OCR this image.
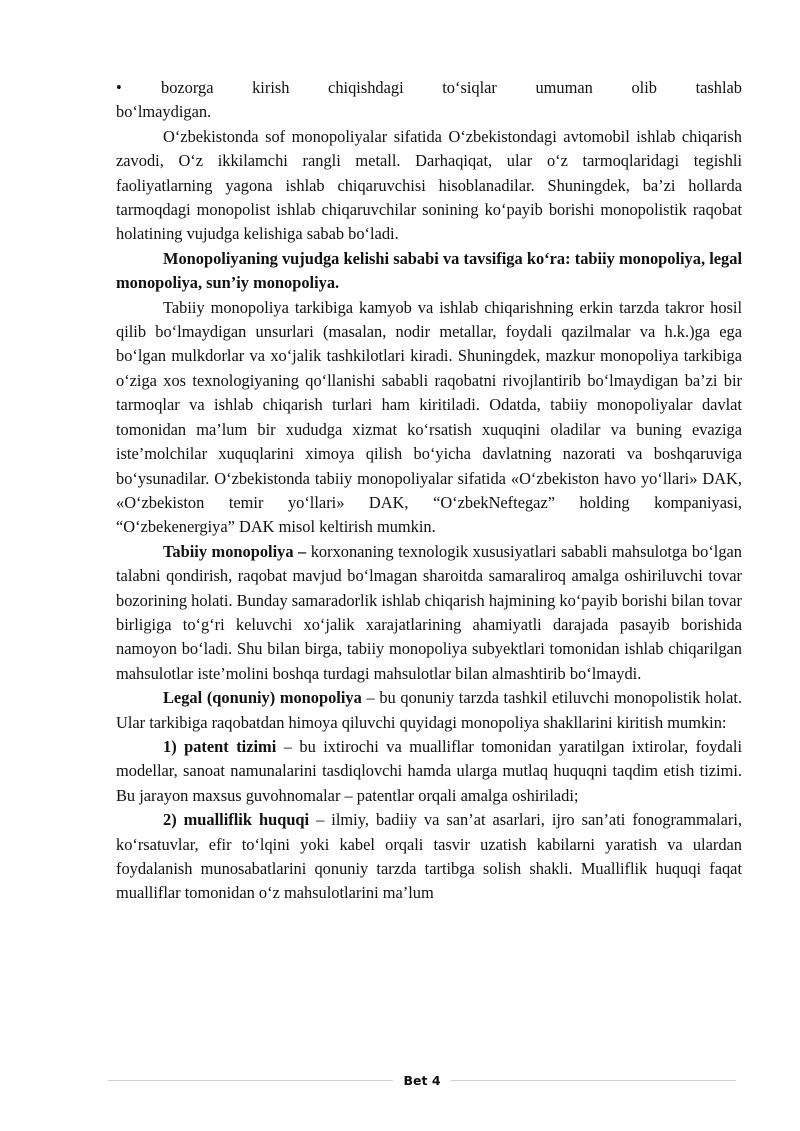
• bozorga kirish chiqishdagi to‘siqlar umuman olib tashlab

bo‘lmaydigan.

O‘zbekistonda sof monopoliyalar sifatida O‘zbekistondagi avtomobil ishlab chiqarish zavodi, O‘z ikkilamchi rangli metall. Darhaqiqat, ular o‘z tarmoqlaridagi tegishli faoliyatlarning yagona ishlab chiqaruvchisi hisoblanadilar. Shuningdek, ba’zi hollarda tarmoqdagi monopolist ishlab chiqaruvchilar sonining ko‘payib borishi monopolistik raqobat holatining vujudga kelishiga sabab bo‘ladi.

Monopoliyaning vujudga kelishi sababi va tavsifiga ko‘ra: tabiiy monopoliya, legal monopoliya, sun’iy monopoliya.

Tabiiy monopoliya tarkibiga kamyob va ishlab chiqarishning erkin tarzda takror hosil qilib bo‘lmaydigan unsurlari (masalan, nodir metallar, foydali qazilmalar va h.k.)ga ega bo‘lgan mulkdorlar va xo‘jalik tashkilotlari kiradi. Shuningdek, mazkur monopoliya tarkibiga o‘ziga xos texnologiyaning qo‘llanishi sababli raqobatni rivojlantirib bo‘lmaydigan ba’zi bir tarmoqlar va ishlab chiqarish turlari ham kiritiladi. Odatda, tabiiy monopoliyalar davlat tomonidan ma’lum bir xududga xizmat ko‘rsatish xuquqini oladilar va buning evaziga iste’molchilar xuquqlarini ximoya qilish bo‘yicha davlatning nazorati va boshqaruviga bo‘ysunadilar. O‘zbekistonda tabiiy monopoliyalar sifatida «O‘zbekiston havo yo‘llari» DAK, «O‘zbekiston temir yo‘llari» DAK, “O‘zbekNeftegaz” holding kompaniyasi, “O‘zbekenergiya” DAK misol keltirish mumkin.

Tabiiy monopoliya – korxonaning texnologik xususiyatlari sababli mahsulotga bo‘lgan talabni qondirish, raqobat mavjud bo‘lmagan sharoitda samaraliroq amalga oshiriluvchi tovar bozorining holati. Bunday samaradorlik ishlab chiqarish hajmining ko‘payib borishi bilan tovar birligiga to‘g‘ri keluvchi xo‘jalik xarajatlarining ahamiyatli darajada pasayib borishida namoyon bo‘ladi. Shu bilan birga, tabiiy monopoliya subyektlari tomonidan ishlab chiqarilgan mahsulotlar iste’molini boshqa turdagi mahsulotlar bilan almashtirib bo‘lmaydi.

Legal (qonuniy) monopoliya – bu qonuniy tarzda tashkil etiluvchi monopolistik holat. Ular tarkibiga raqobatdan himoya qiluvchi quyidagi monopoliya shakllarini kiritish mumkin:

1) patent tizimi – bu ixtirochi va mualliflar tomonidan yaratilgan ixtirolar, foydali modellar, sanoat namunalarini tasdiqlovchi hamda ularga mutlaq huquqni taqdim etish tizimi. Bu jarayon maxsus guvohnomalar – patentlar orqali amalga oshiriladi;

2) mualliflik huquqi – ilmiy, badiiy va san’at asarlari, ijro san’ati fonogrammalari, ko‘rsatuvlar, efir to‘lqini yoki kabel orqali tasvir uzatish kabilarni yaratish va ulardan foydalanish munosabatlarini qonuniy tarzda tartibga solish shakli. Mualliflik huquqi faqat mualliflar tomonidan o‘z mahsulotlarini ma’lum

Bet 4
